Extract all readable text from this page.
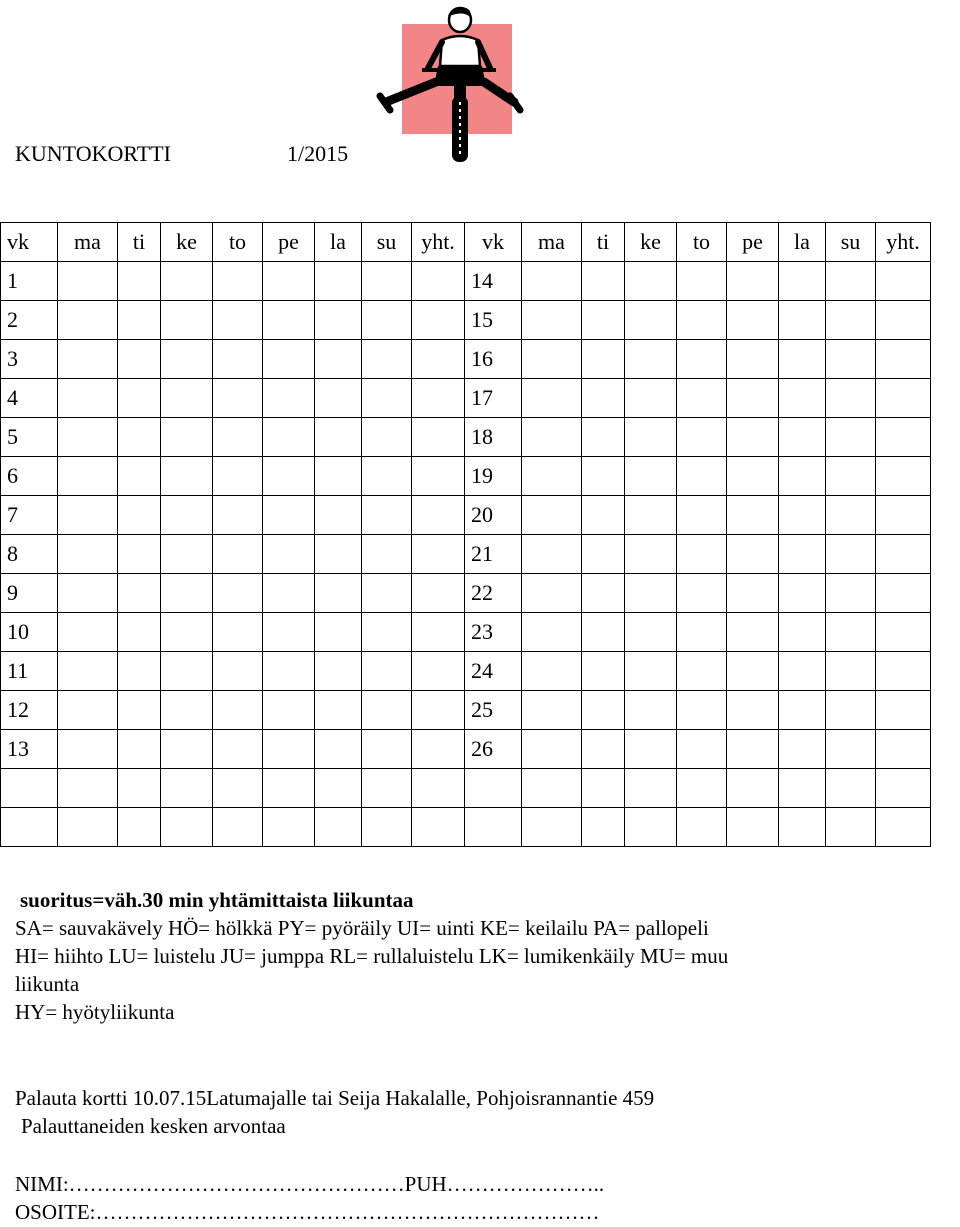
KUNTOKORTTI	1/2015
vk	ma	ti	ke	to	pe	la	su	yht.	vk	ma	ti	ke	to	pe	la	su	yht.
1									14								
2									15								
3									16								
4									17								
5									18								
6									19								
7									20								
8									21								
9									22								
10									23								
11									24								
12									25								
13									26								

suoritus=väh.30 min yhtämittaista liikuntaa

SA= sauvakävely HÖ= hölkkä PY= pyöräily UI= uinti KE= keilailu PA= pallopeli

HI= hiihto LU= luistelu JU= jumppa RL= rullaluistelu LK= lumikenkäily MU= muu

liikunta

HY= hyötyliikunta

Palauta kortti 10.07.15Latumajalle tai Seija Hakalalle, Pohjoisrannantie 459

Palauttaneiden kesken arvontaa

NIMI:…………………………………………PUH…………………..

OSOITE:………………………………………………………………
